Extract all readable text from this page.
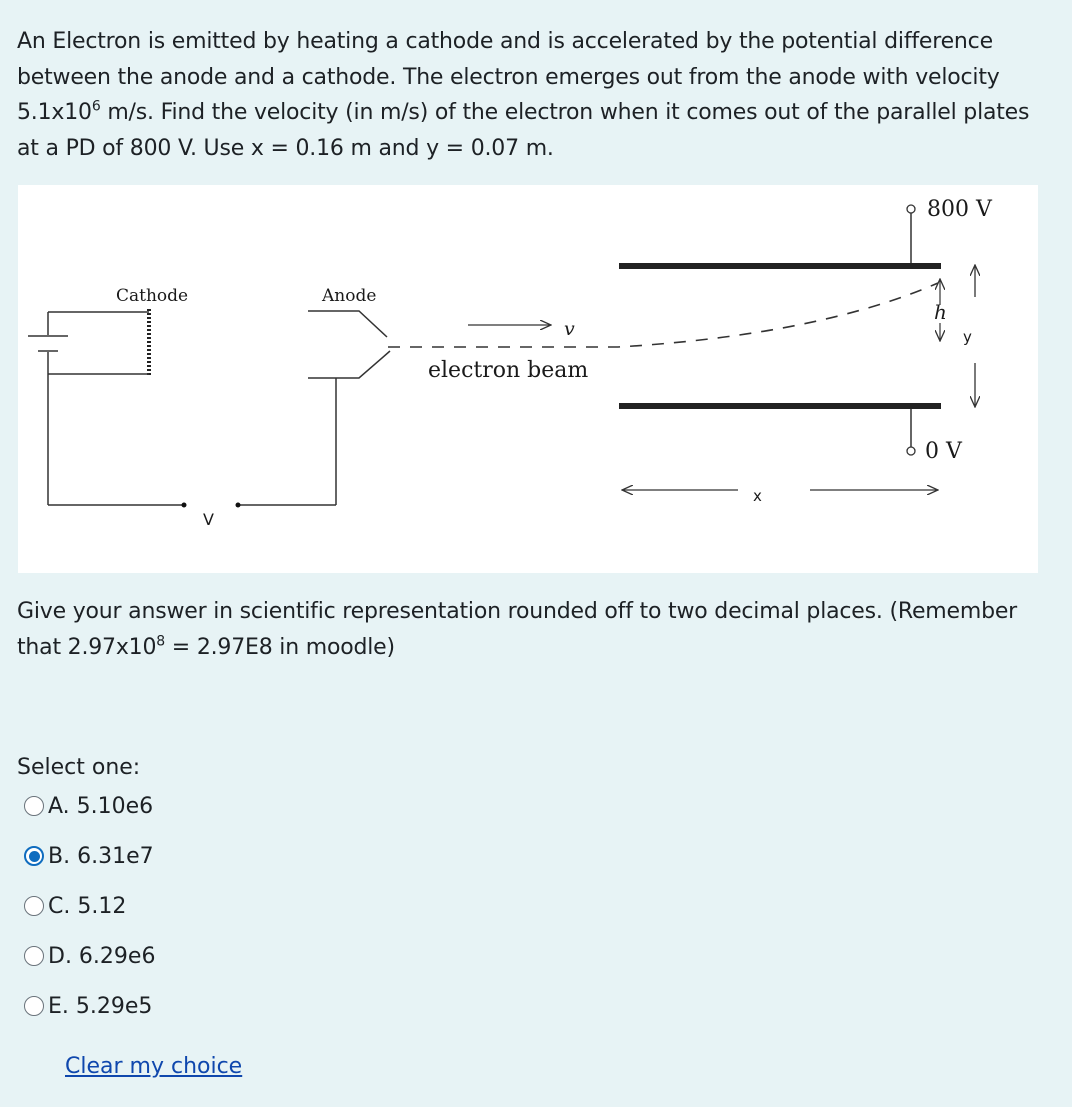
An Electron is emitted by heating a cathode and is accelerated by the potential difference
between the anode and a cathode. The electron emerges out from the anode with velocity
$5.1x10^6$ m/s. Find the velocity (in m/s) of the electron when it comes out of the parallel plates
at a PD of 800 V. Use x = 0.16 m and y = 0.07 m.
Cathode	Anode
v
electron beam
800 V
0 V
h
y
x
V
Give your answer in scientific representation rounded off to two decimal places. (Remember
that $2.97x10^8 = 2.97E8$ in moodle)
Select one:
A. 5.10e6
B. 6.31e7
C. 5.12
D. 6.29e6
E. 5.29e5
Clear my choice
